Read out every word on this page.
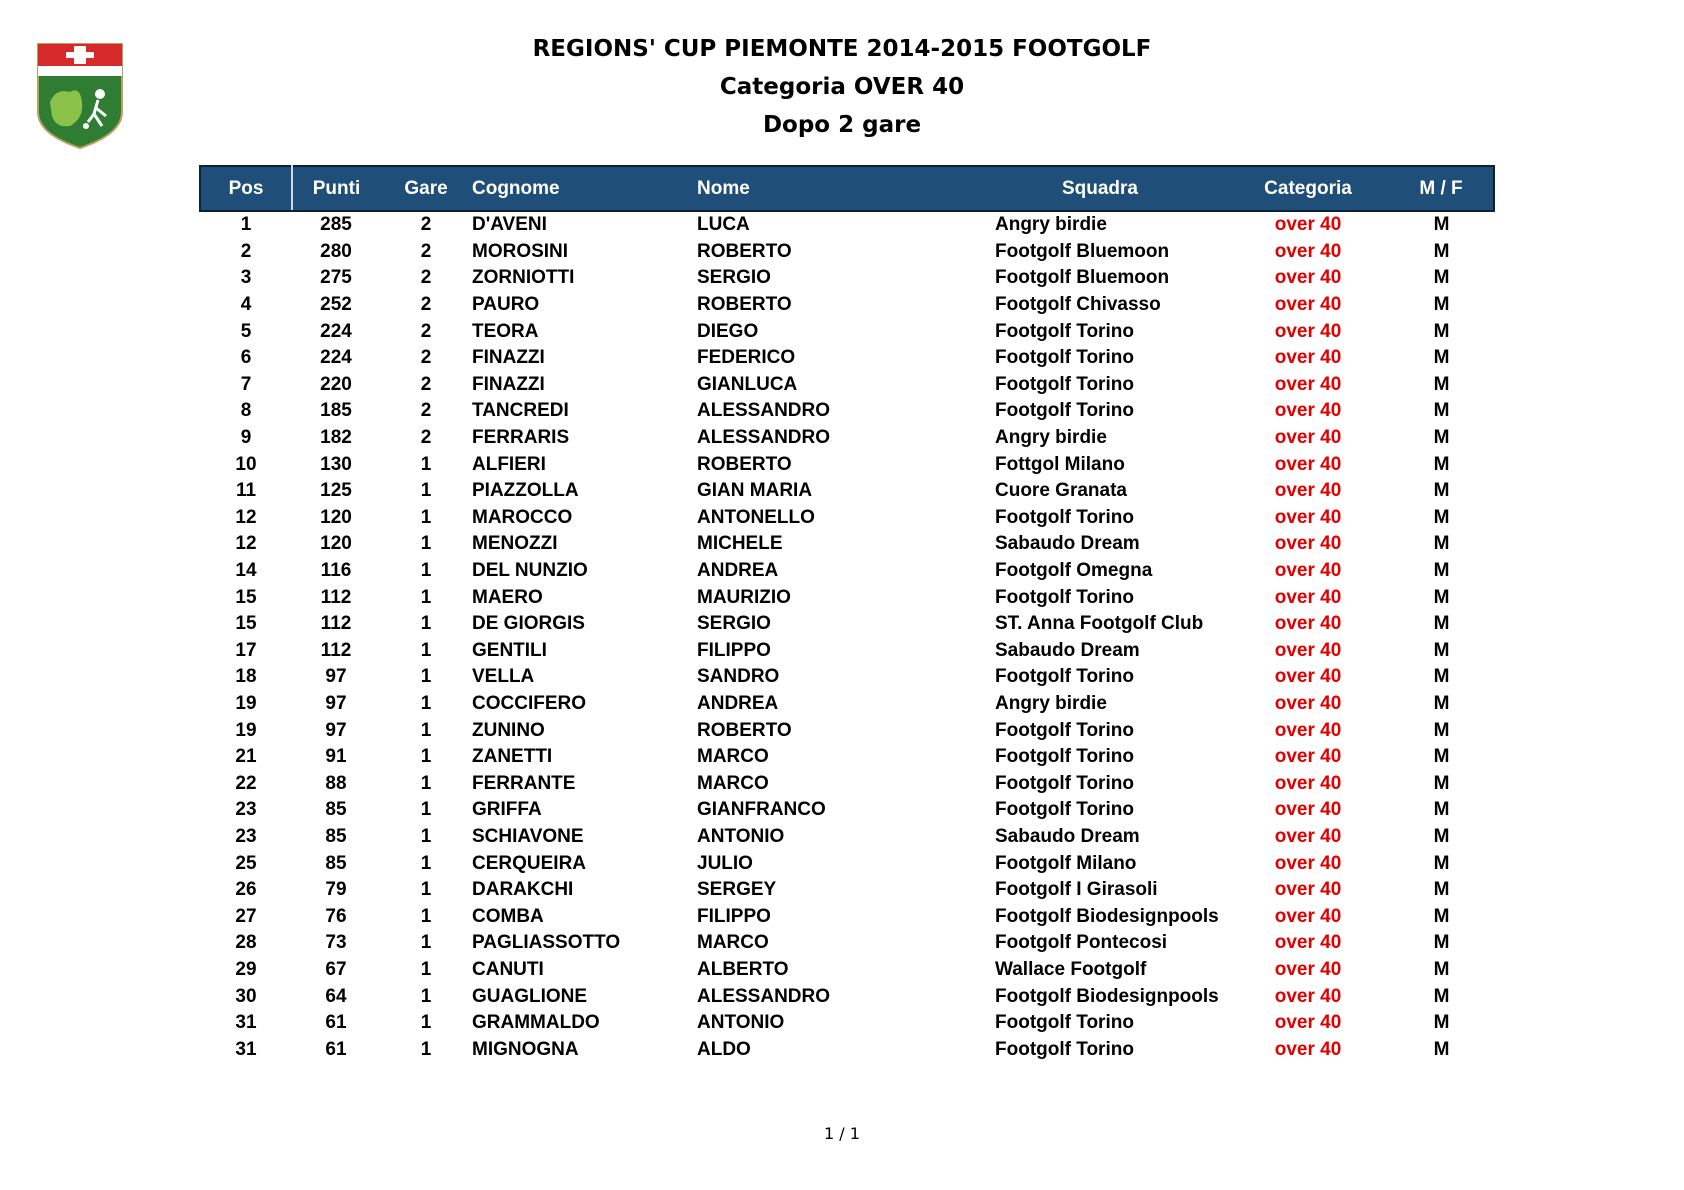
REGIONS' CUP PIEMONTE 2014-2015 FOOTGOLF
Categoria OVER 40
Dopo 2 gare
Pos	Punti	Gare	Cognome	Nome	Squadra	Categoria	M / F
1	285	2	D'AVENI	LUCA	Angry birdie	over 40	M
2	280	2	MOROSINI	ROBERTO	Footgolf Bluemoon	over 40	M
3	275	2	ZORNIOTTI	SERGIO	Footgolf Bluemoon	over 40	M
4	252	2	PAURO	ROBERTO	Footgolf Chivasso	over 40	M
5	224	2	TEORA	DIEGO	Footgolf Torino	over 40	M
6	224	2	FINAZZI	FEDERICO	Footgolf Torino	over 40	M
7	220	2	FINAZZI	GIANLUCA	Footgolf Torino	over 40	M
8	185	2	TANCREDI	ALESSANDRO	Footgolf Torino	over 40	M
9	182	2	FERRARIS	ALESSANDRO	Angry birdie	over 40	M
10	130	1	ALFIERI	ROBERTO	Fottgol Milano	over 40	M
11	125	1	PIAZZOLLA	GIAN MARIA	Cuore Granata	over 40	M
12	120	1	MAROCCO	ANTONELLO	Footgolf Torino	over 40	M
12	120	1	MENOZZI	MICHELE	Sabaudo Dream	over 40	M
14	116	1	DEL NUNZIO	ANDREA	Footgolf Omegna	over 40	M
15	112	1	MAERO	MAURIZIO	Footgolf Torino	over 40	M
15	112	1	DE GIORGIS	SERGIO	ST. Anna Footgolf Club	over 40	M
17	112	1	GENTILI	FILIPPO	Sabaudo Dream	over 40	M
18	97	1	VELLA	SANDRO	Footgolf Torino	over 40	M
19	97	1	COCCIFERO	ANDREA	Angry birdie	over 40	M
19	97	1	ZUNINO	ROBERTO	Footgolf Torino	over 40	M
21	91	1	ZANETTI	MARCO	Footgolf Torino	over 40	M
22	88	1	FERRANTE	MARCO	Footgolf Torino	over 40	M
23	85	1	GRIFFA	GIANFRANCO	Footgolf Torino	over 40	M
23	85	1	SCHIAVONE	ANTONIO	Sabaudo Dream	over 40	M
25	85	1	CERQUEIRA	JULIO	Footgolf Milano	over 40	M
26	79	1	DARAKCHI	SERGEY	Footgolf I Girasoli	over 40	M
27	76	1	COMBA	FILIPPO	Footgolf Biodesignpools	over 40	M
28	73	1	PAGLIASSOTTO	MARCO	Footgolf Pontecosi	over 40	M
29	67	1	CANUTI	ALBERTO	Wallace Footgolf	over 40	M
30	64	1	GUAGLIONE	ALESSANDRO	Footgolf Biodesignpools	over 40	M
31	61	1	GRAMMALDO	ANTONIO	Footgolf Torino	over 40	M
31	61	1	MIGNOGNA	ALDO	Footgolf Torino	over 40	M
1 / 1
